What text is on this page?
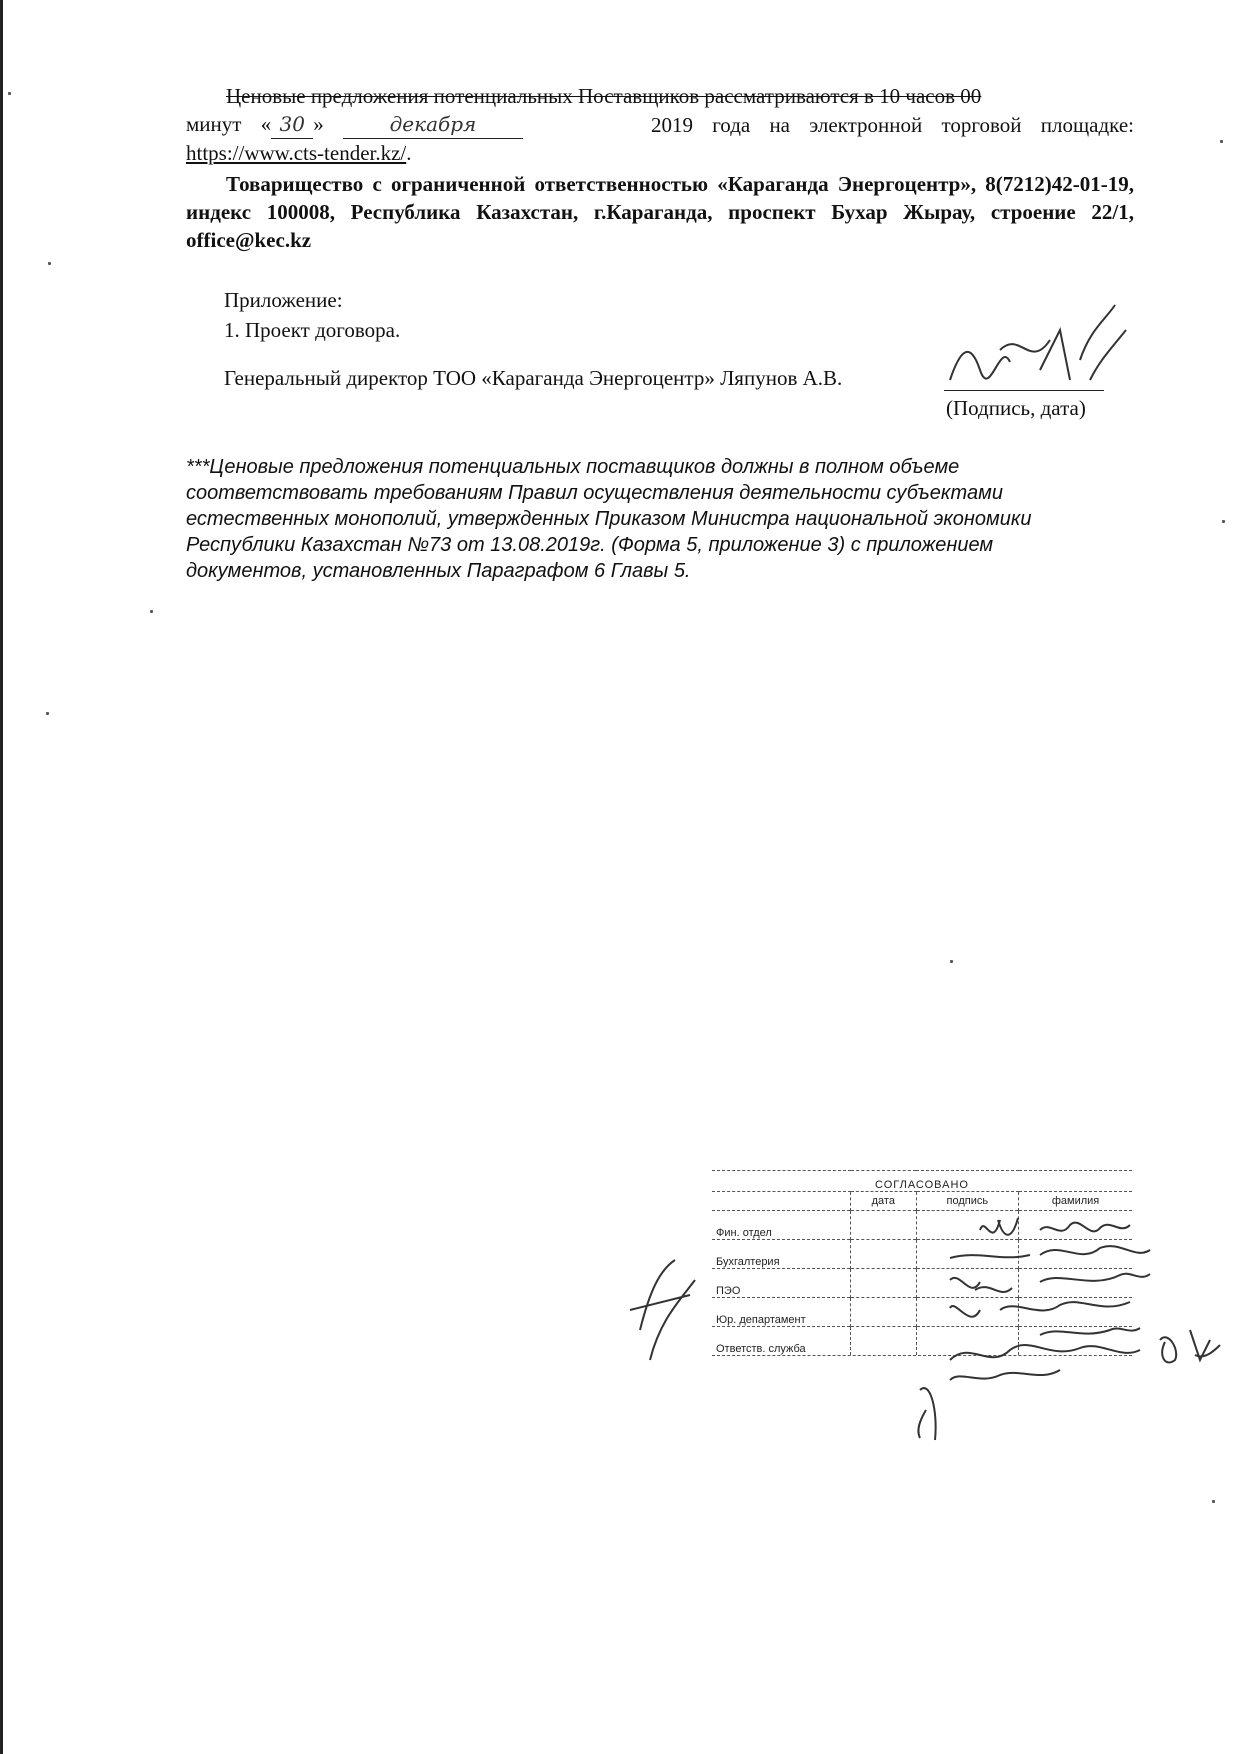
Ценовые предложения потенциальных Поставщиков рассматриваются в 10 часов 00
минут « 30 »	декабря	2019 года на электронной торговой площадке:
https://www.cts-tender.kz/.
Товарищество с ограниченной ответственностью «Караганда Энергоцентр», 8(7212)42-01-19, индекс 100008, Республика Казахстан, г.Караганда, проспект Бухар Жырау, строение 22/1, office@kec.kz
Приложение:
1. Проект договора.
Генеральный директор ТОО «Караганда Энергоцентр» Ляпунов А.В.
(Подпись, дата)
***Ценовые предложения потенциальных поставщиков должны в полном объеме соответствовать требованиям Правил осуществления деятельности субъектами естественных монополий, утвержденных Приказом Министра национальной экономики Республики Казахстан №73 от 13.08.2019г. (Форма 5, приложение 3) с приложением документов, установленных Параграфом 6 Главы 5.
СОГЛАСОВАНО			
	дата	подпись	фамилия
Фин. отдел			
Бухгалтерия			
ПЭО			
Юр. департамент			
Ответств. служба			
